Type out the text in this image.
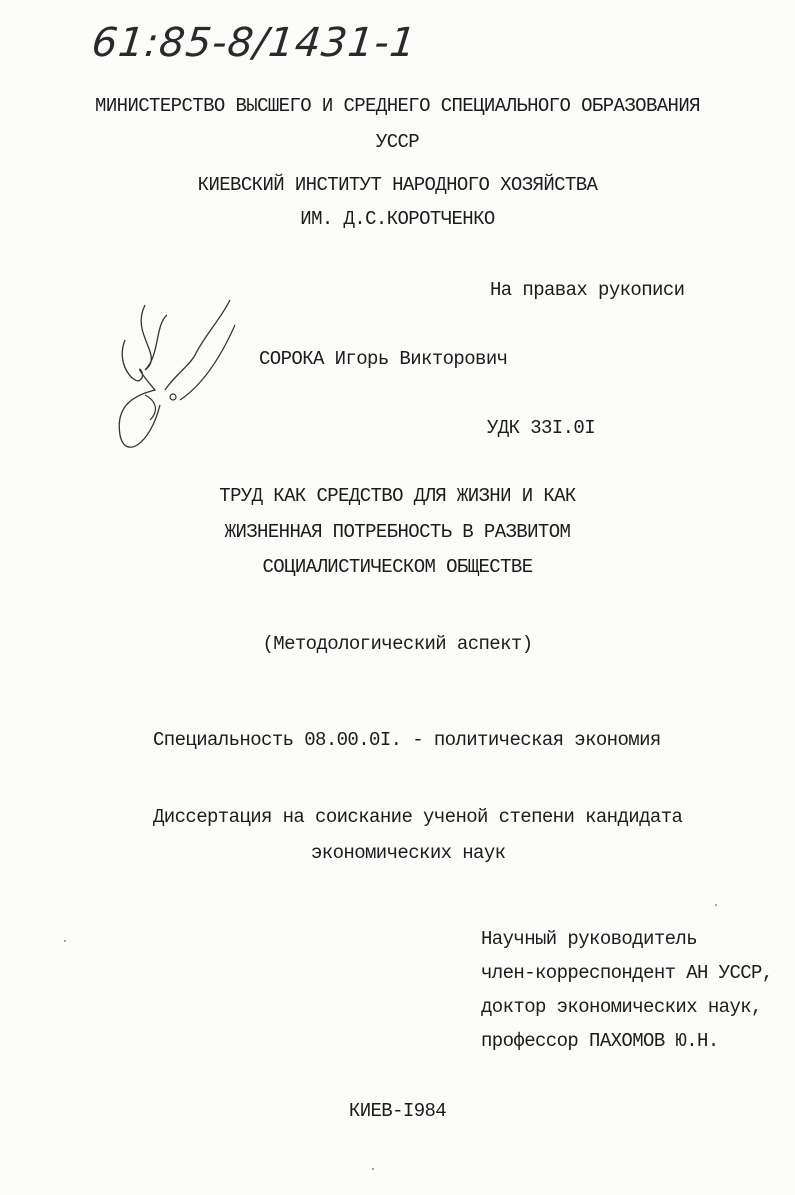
61:85-8/1431-1
МИНИСТЕРСТВО ВЫСШЕГО И СРЕДНЕГО СПЕЦИАЛЬНОГО ОБРАЗОВАНИЯ
УССР
КИЕВСКИЙ ИНСТИТУТ НАРОДНОГО ХОЗЯЙСТВА
ИМ. Д.С.КОРОТЧЕНКО
На правах рукописи
СОРОКА Игорь Викторович
УДК 33I.0I
ТРУД КАК СРЕДСТВО ДЛЯ ЖИЗНИ И КАК
ЖИЗНЕННАЯ ПОТРЕБНОСТЬ В РАЗВИТОМ
СОЦИАЛИСТИЧЕСКОМ ОБЩЕСТВЕ
(Методологический аспект)
Специальность 08.00.0I. - политическая экономия
Диссертация на соискание ученой степени кандидата
экономических наук
Научный руководитель
член-корреспондент АН УССР,
доктор экономических наук,
профессор ПАХОМОВ Ю.Н.
КИЕВ-I984
